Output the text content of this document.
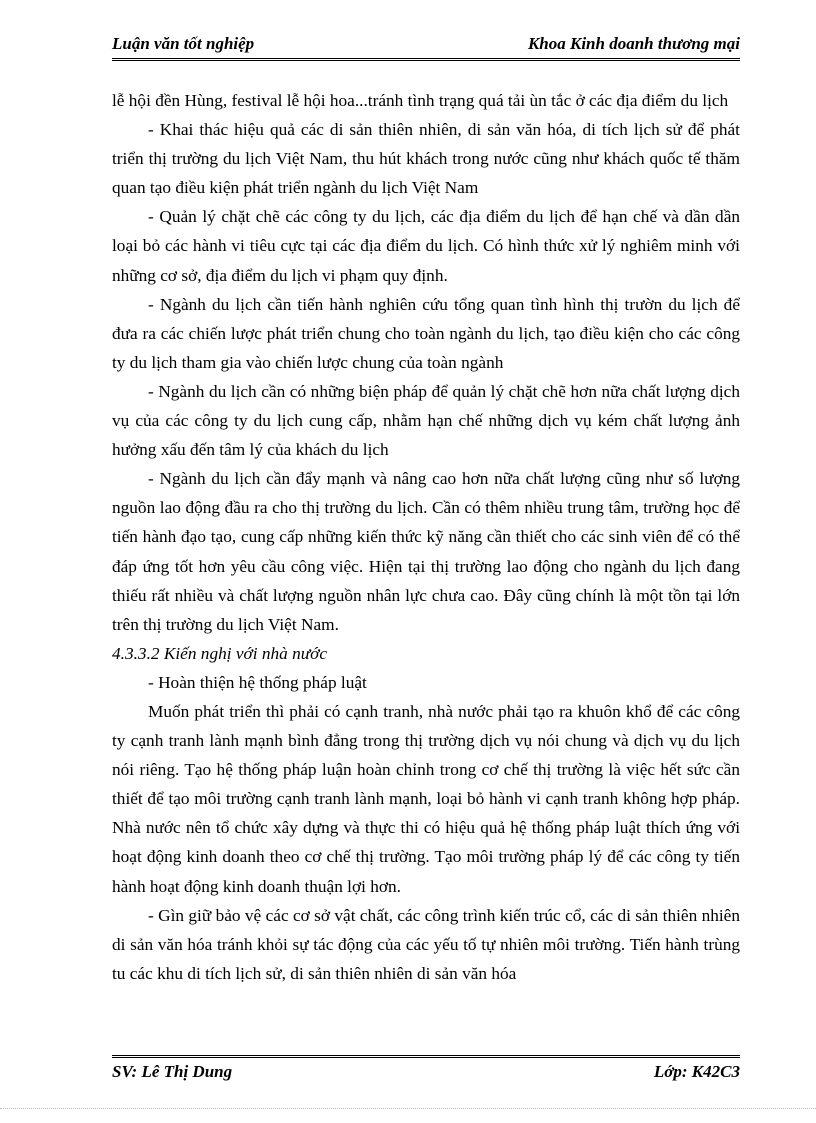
Luận văn tốt nghiệp	Khoa Kinh doanh thương mại

lễ hội đền Hùng, festival lễ hội hoa...tránh tình trạng quá tải ùn tắc ở các địa điểm du lịch

- Khai thác hiệu quả các di sản thiên nhiên, di sản văn hóa, di tích lịch sử để phát triển thị trường du lịch Việt Nam, thu hút khách trong nước cũng như khách quốc tế thăm quan tạo điều kiện phát triển ngành du lịch Việt Nam

- Quản lý chặt chẽ các công ty du lịch, các địa điểm du lịch để hạn chế và dần dần loại bỏ các hành vi tiêu cực tại các địa điểm du lịch. Có hình thức xử lý nghiêm minh với những cơ sở, địa điểm du lịch vi phạm quy định.

- Ngành du lịch cần tiến hành nghiên cứu tổng quan tình hình thị trườn du lịch để đưa ra các chiến lược phát triển chung cho toàn ngành du lịch, tạo điều kiện cho các công ty du lịch tham gia vào chiến lược chung của toàn ngành

- Ngành du lịch cần có những biện pháp để quản lý chặt chẽ hơn nữa chất lượng dịch vụ của các công ty du lịch cung cấp, nhằm hạn chế những dịch vụ kém chất lượng ảnh hưởng xấu đến tâm lý của khách du lịch

- Ngành du lịch cần đẩy mạnh và nâng cao hơn nữa chất lượng cũng như số lượng nguồn lao động đầu ra cho thị trường du lịch. Cần có thêm nhiều trung tâm, trường học để tiến hành đạo tạo, cung cấp những kiến thức kỹ năng cần thiết cho các sinh viên để có thể đáp ứng tốt hơn yêu cầu công việc. Hiện tại thị trường lao động cho ngành du lịch đang thiếu rất nhiều và chất lượng nguồn nhân lực chưa cao. Đây cũng chính là một tồn tại lớn trên thị trường du lịch Việt Nam.

4.3.3.2 Kiến nghị với nhà nước

- Hoàn thiện hệ thống pháp luật

Muốn phát triển thì phải có cạnh tranh, nhà nước phải tạo ra khuôn khổ để các công ty cạnh tranh lành mạnh bình đẳng trong thị trường dịch vụ nói chung và dịch vụ du lịch nói riêng. Tạo hệ thống pháp luận hoàn chỉnh trong cơ chế thị trường là việc hết sức cần thiết để tạo môi trường cạnh tranh lành mạnh, loại bỏ hành vi cạnh tranh không hợp pháp. Nhà nước nên tổ chức xây dựng và thực thi có hiệu quả hệ thống pháp luật thích ứng với hoạt động kinh doanh theo cơ chế thị trường. Tạo môi trường pháp lý để các công ty tiến hành hoạt động kinh doanh thuận lợi hơn.

- Gìn giữ bảo vệ các cơ sở vật chất, các công trình kiến trúc cổ, các di sản thiên nhiên di sản văn hóa tránh khỏi sự tác động của các yếu tố tự nhiên môi trường. Tiến hành trùng tu các khu di tích lịch sử, di sản thiên nhiên di sản văn hóa

SV: Lê Thị Dung	Lớp: K42C3
